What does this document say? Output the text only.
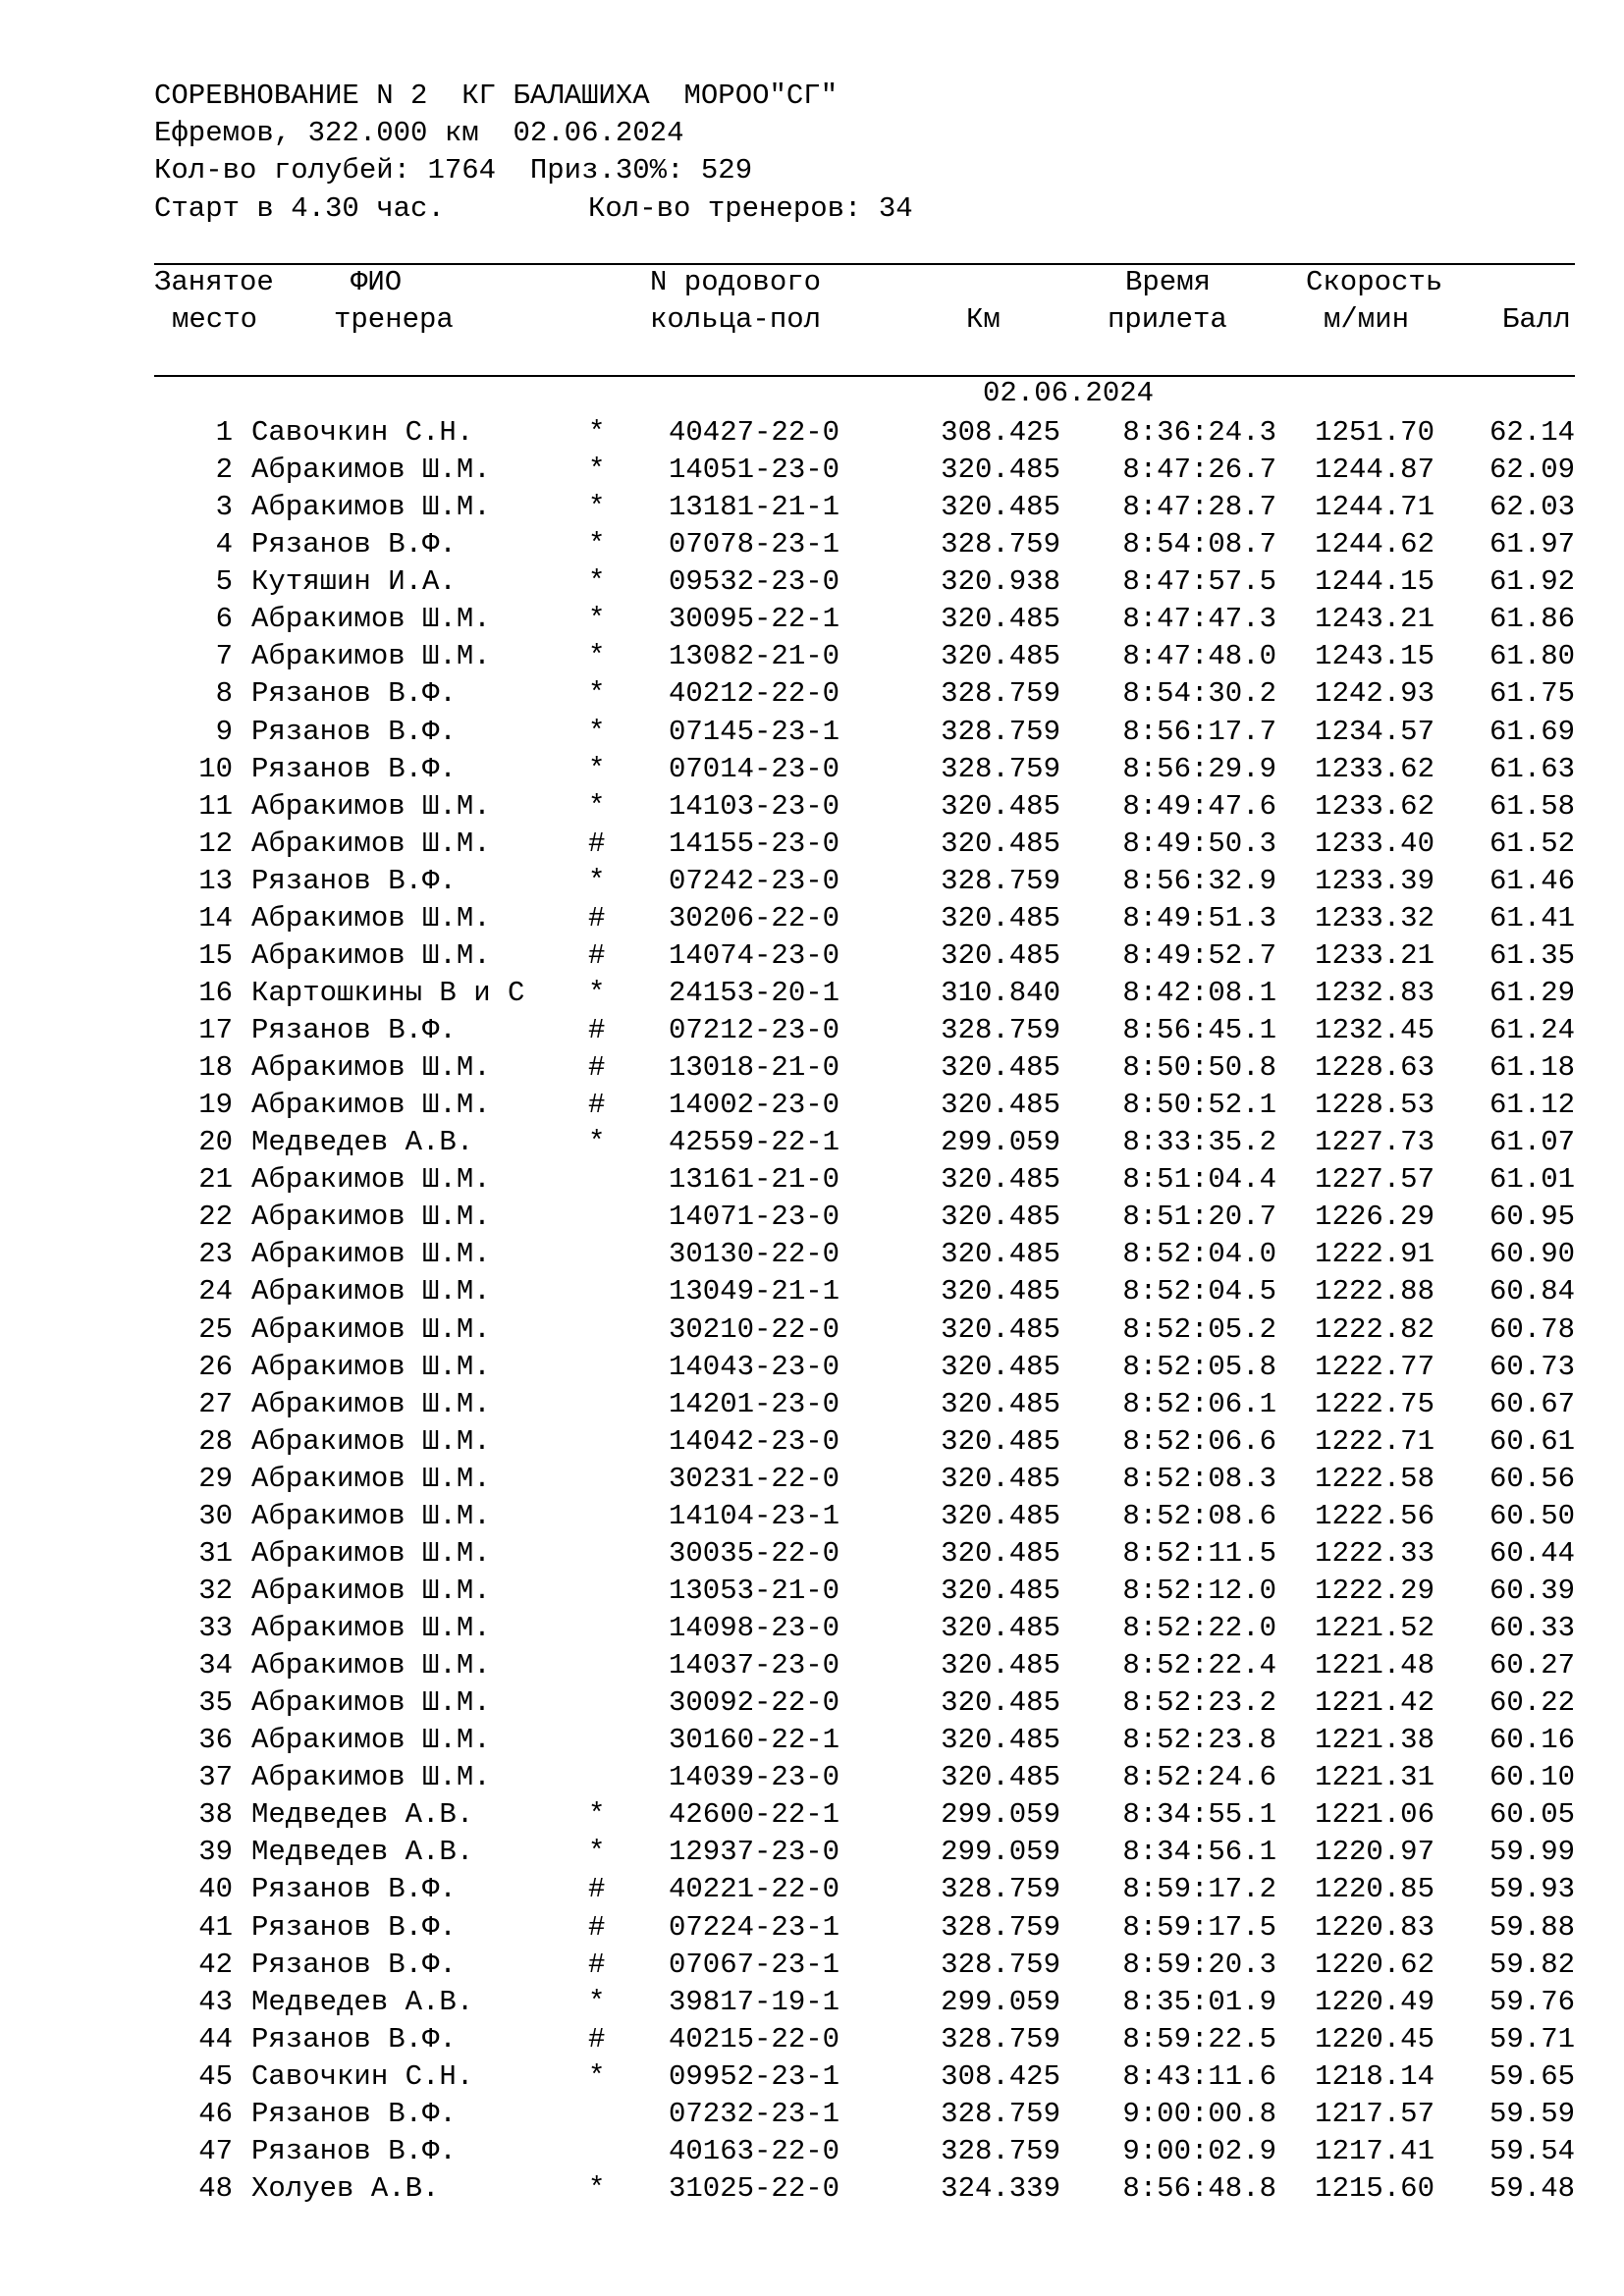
СОРЕВНОВАНИЕ N 2  КГ БАЛАШИХА  МОРОО"СГ"
Ефремов, 322.000 км  02.06.2024
Кол-во голубей: 1764  Приз.30%: 529
Старт в 4.30 час.	Кол-во тренеров: 34
Занятое
место
ФИО
тренера
N родового
кольца-пол	Км
Время
прилета
Скорость
м/мин	Балл
02.06.2024
1 Савочкин С.Н.	* 40427-22-0	308.425 8:36:24.3 1251.70 62.14
2 Абракимов Ш.М.	* 14051-23-0	320.485 8:47:26.7 1244.87 62.09
3 Абракимов Ш.М.	* 13181-21-1	320.485 8:47:28.7 1244.71 62.03
4 Рязанов В.Ф.	* 07078-23-1	328.759 8:54:08.7 1244.62 61.97
5 Кутяшин И.А.	* 09532-23-0	320.938 8:47:57.5 1244.15 61.92
6 Абракимов Ш.М.	* 30095-22-1	320.485 8:47:47.3 1243.21 61.86
7 Абракимов Ш.М.	* 13082-21-0	320.485 8:47:48.0 1243.15 61.80
8 Рязанов В.Ф.	* 40212-22-0	328.759 8:54:30.2 1242.93 61.75
9 Рязанов В.Ф.	* 07145-23-1	328.759 8:56:17.7 1234.57 61.69
10 Рязанов В.Ф.	* 07014-23-0	328.759 8:56:29.9 1233.62 61.63
11 Абракимов Ш.М.	* 14103-23-0	320.485 8:49:47.6 1233.62 61.58
12 Абракимов Ш.М.	# 14155-23-0	320.485 8:49:50.3 1233.40 61.52
13 Рязанов В.Ф.	* 07242-23-0	328.759 8:56:32.9 1233.39 61.46
14 Абракимов Ш.М.	# 30206-22-0	320.485 8:49:51.3 1233.32 61.41
15 Абракимов Ш.М.	# 14074-23-0	320.485 8:49:52.7 1233.21 61.35
16 Картошкины В и С * 24153-20-1	310.840 8:42:08.1 1232.83 61.29
17 Рязанов В.Ф.	# 07212-23-0	328.759 8:56:45.1 1232.45 61.24
18 Абракимов Ш.М.	# 13018-21-0	320.485 8:50:50.8 1228.63 61.18
19 Абракимов Ш.М.	# 14002-23-0	320.485 8:50:52.1 1228.53 61.12
20 Медведев А.В.	* 42559-22-1	299.059 8:33:35.2 1227.73 61.07
21 Абракимов Ш.М.	13161-21-0	320.485 8:51:04.4 1227.57 61.01
22 Абракимов Ш.М.	14071-23-0	320.485 8:51:20.7 1226.29 60.95
23 Абракимов Ш.М.	30130-22-0	320.485 8:52:04.0 1222.91 60.90
24 Абракимов Ш.М.	13049-21-1	320.485 8:52:04.5 1222.88 60.84
25 Абракимов Ш.М.	30210-22-0	320.485 8:52:05.2 1222.82 60.78
26 Абракимов Ш.М.	14043-23-0	320.485 8:52:05.8 1222.77 60.73
27 Абракимов Ш.М.	14201-23-0	320.485 8:52:06.1 1222.75 60.67
28 Абракимов Ш.М.	14042-23-0	320.485 8:52:06.6 1222.71 60.61
29 Абракимов Ш.М.	30231-22-0	320.485 8:52:08.3 1222.58 60.56
30 Абракимов Ш.М.	14104-23-1	320.485 8:52:08.6 1222.56 60.50
31 Абракимов Ш.М.	30035-22-0	320.485 8:52:11.5 1222.33 60.44
32 Абракимов Ш.М.	13053-21-0	320.485 8:52:12.0 1222.29 60.39
33 Абракимов Ш.М.	14098-23-0	320.485 8:52:22.0 1221.52 60.33
34 Абракимов Ш.М.	14037-23-0	320.485 8:52:22.4 1221.48 60.27
35 Абракимов Ш.М.	30092-22-0	320.485 8:52:23.2 1221.42 60.22
36 Абракимов Ш.М.	30160-22-1	320.485 8:52:23.8 1221.38 60.16
37 Абракимов Ш.М.	14039-23-0	320.485 8:52:24.6 1221.31 60.10
38 Медведев А.В.	* 42600-22-1	299.059 8:34:55.1 1221.06 60.05
39 Медведев А.В.	* 12937-23-0	299.059 8:34:56.1 1220.97 59.99
40 Рязанов В.Ф.	# 40221-22-0	328.759 8:59:17.2 1220.85 59.93
41 Рязанов В.Ф.	# 07224-23-1	328.759 8:59:17.5 1220.83 59.88
42 Рязанов В.Ф.	# 07067-23-1	328.759 8:59:20.3 1220.62 59.82
43 Медведев А.В.	* 39817-19-1	299.059 8:35:01.9 1220.49 59.76
44 Рязанов В.Ф.	# 40215-22-0	328.759 8:59:22.5 1220.45 59.71
45 Савочкин С.Н.	* 09952-23-1	308.425 8:43:11.6 1218.14 59.65
46 Рязанов В.Ф.	07232-23-1	328.759 9:00:00.8 1217.57 59.59
47 Рязанов В.Ф.	40163-22-0	328.759 9:00:02.9 1217.41 59.54
48 Холуев А.В.	* 31025-22-0	324.339 8:56:48.8 1215.60 59.48
